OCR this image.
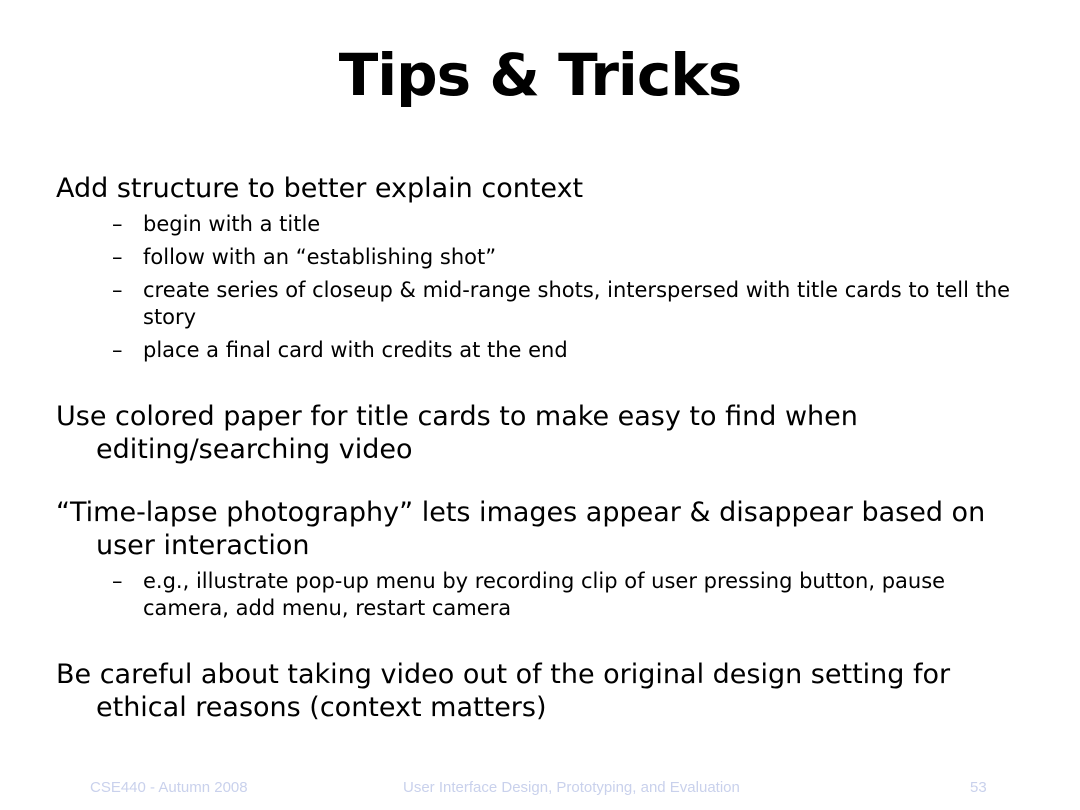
Tips & Tricks

Add structure to better explain context

– begin with a title
– follow with an “establishing shot”
– create series of closeup & mid-range shots, interspersed with title cards to tell the story
– place a final card with credits at the end

Use colored paper for title cards to make easy to find when editing/searching video

“Time-lapse photography” lets images appear & disappear based on user interaction

– e.g., illustrate pop-up menu by recording clip of user pressing button, pause camera, add menu, restart camera

Be careful about taking video out of the original design setting for ethical reasons (context matters)

CSE440 - Autumn 2008	User Interface Design, Prototyping, and Evaluation	53
